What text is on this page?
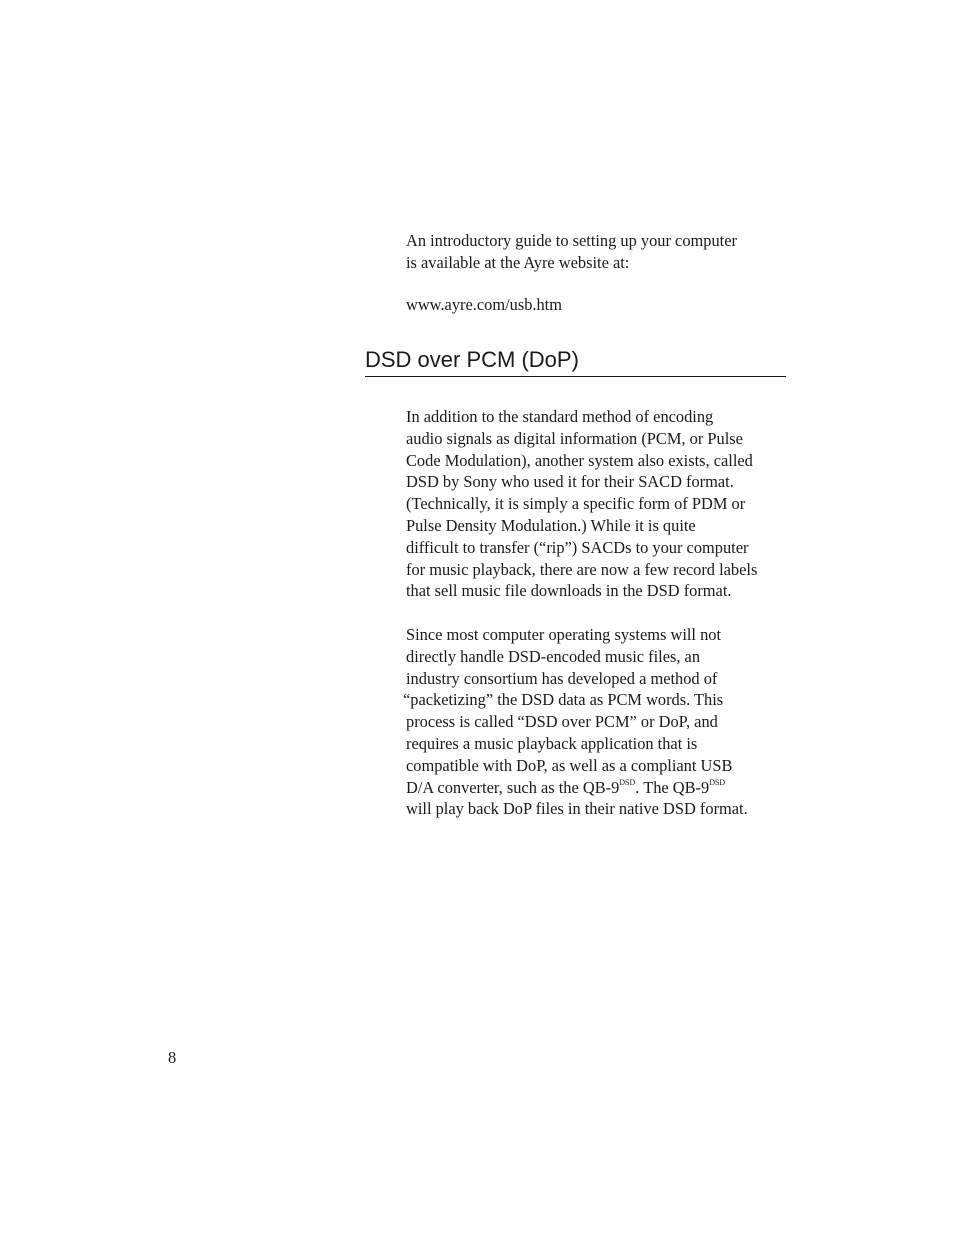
An introductory guide to setting up your computer
is available at the Ayre website at:

www.ayre.com/usb.htm

DSD over PCM (DoP)

In addition to the standard method of encoding
audio signals as digital information (PCM, or Pulse
Code Modulation), another system also exists, called
DSD by Sony who used it for their SACD format.
(Technically, it is simply a specific form of PDM or
Pulse Density Modulation.) While it is quite
difficult to transfer (“rip”) SACDs to your computer
for music playback, there are now a few record labels
that sell music file downloads in the DSD format.

Since most computer operating systems will not
directly handle DSD-encoded music files, an
industry consortium has developed a method of
“packetizing” the DSD data as PCM words. This
process is called “DSD over PCM” or DoP, and
requires a music playback application that is
compatible with DoP, as well as a compliant USB
D/A converter, such as the $QB-9^{DSD}$. The $QB-9^{DSD}$
will play back DoP files in their native DSD format.

8
